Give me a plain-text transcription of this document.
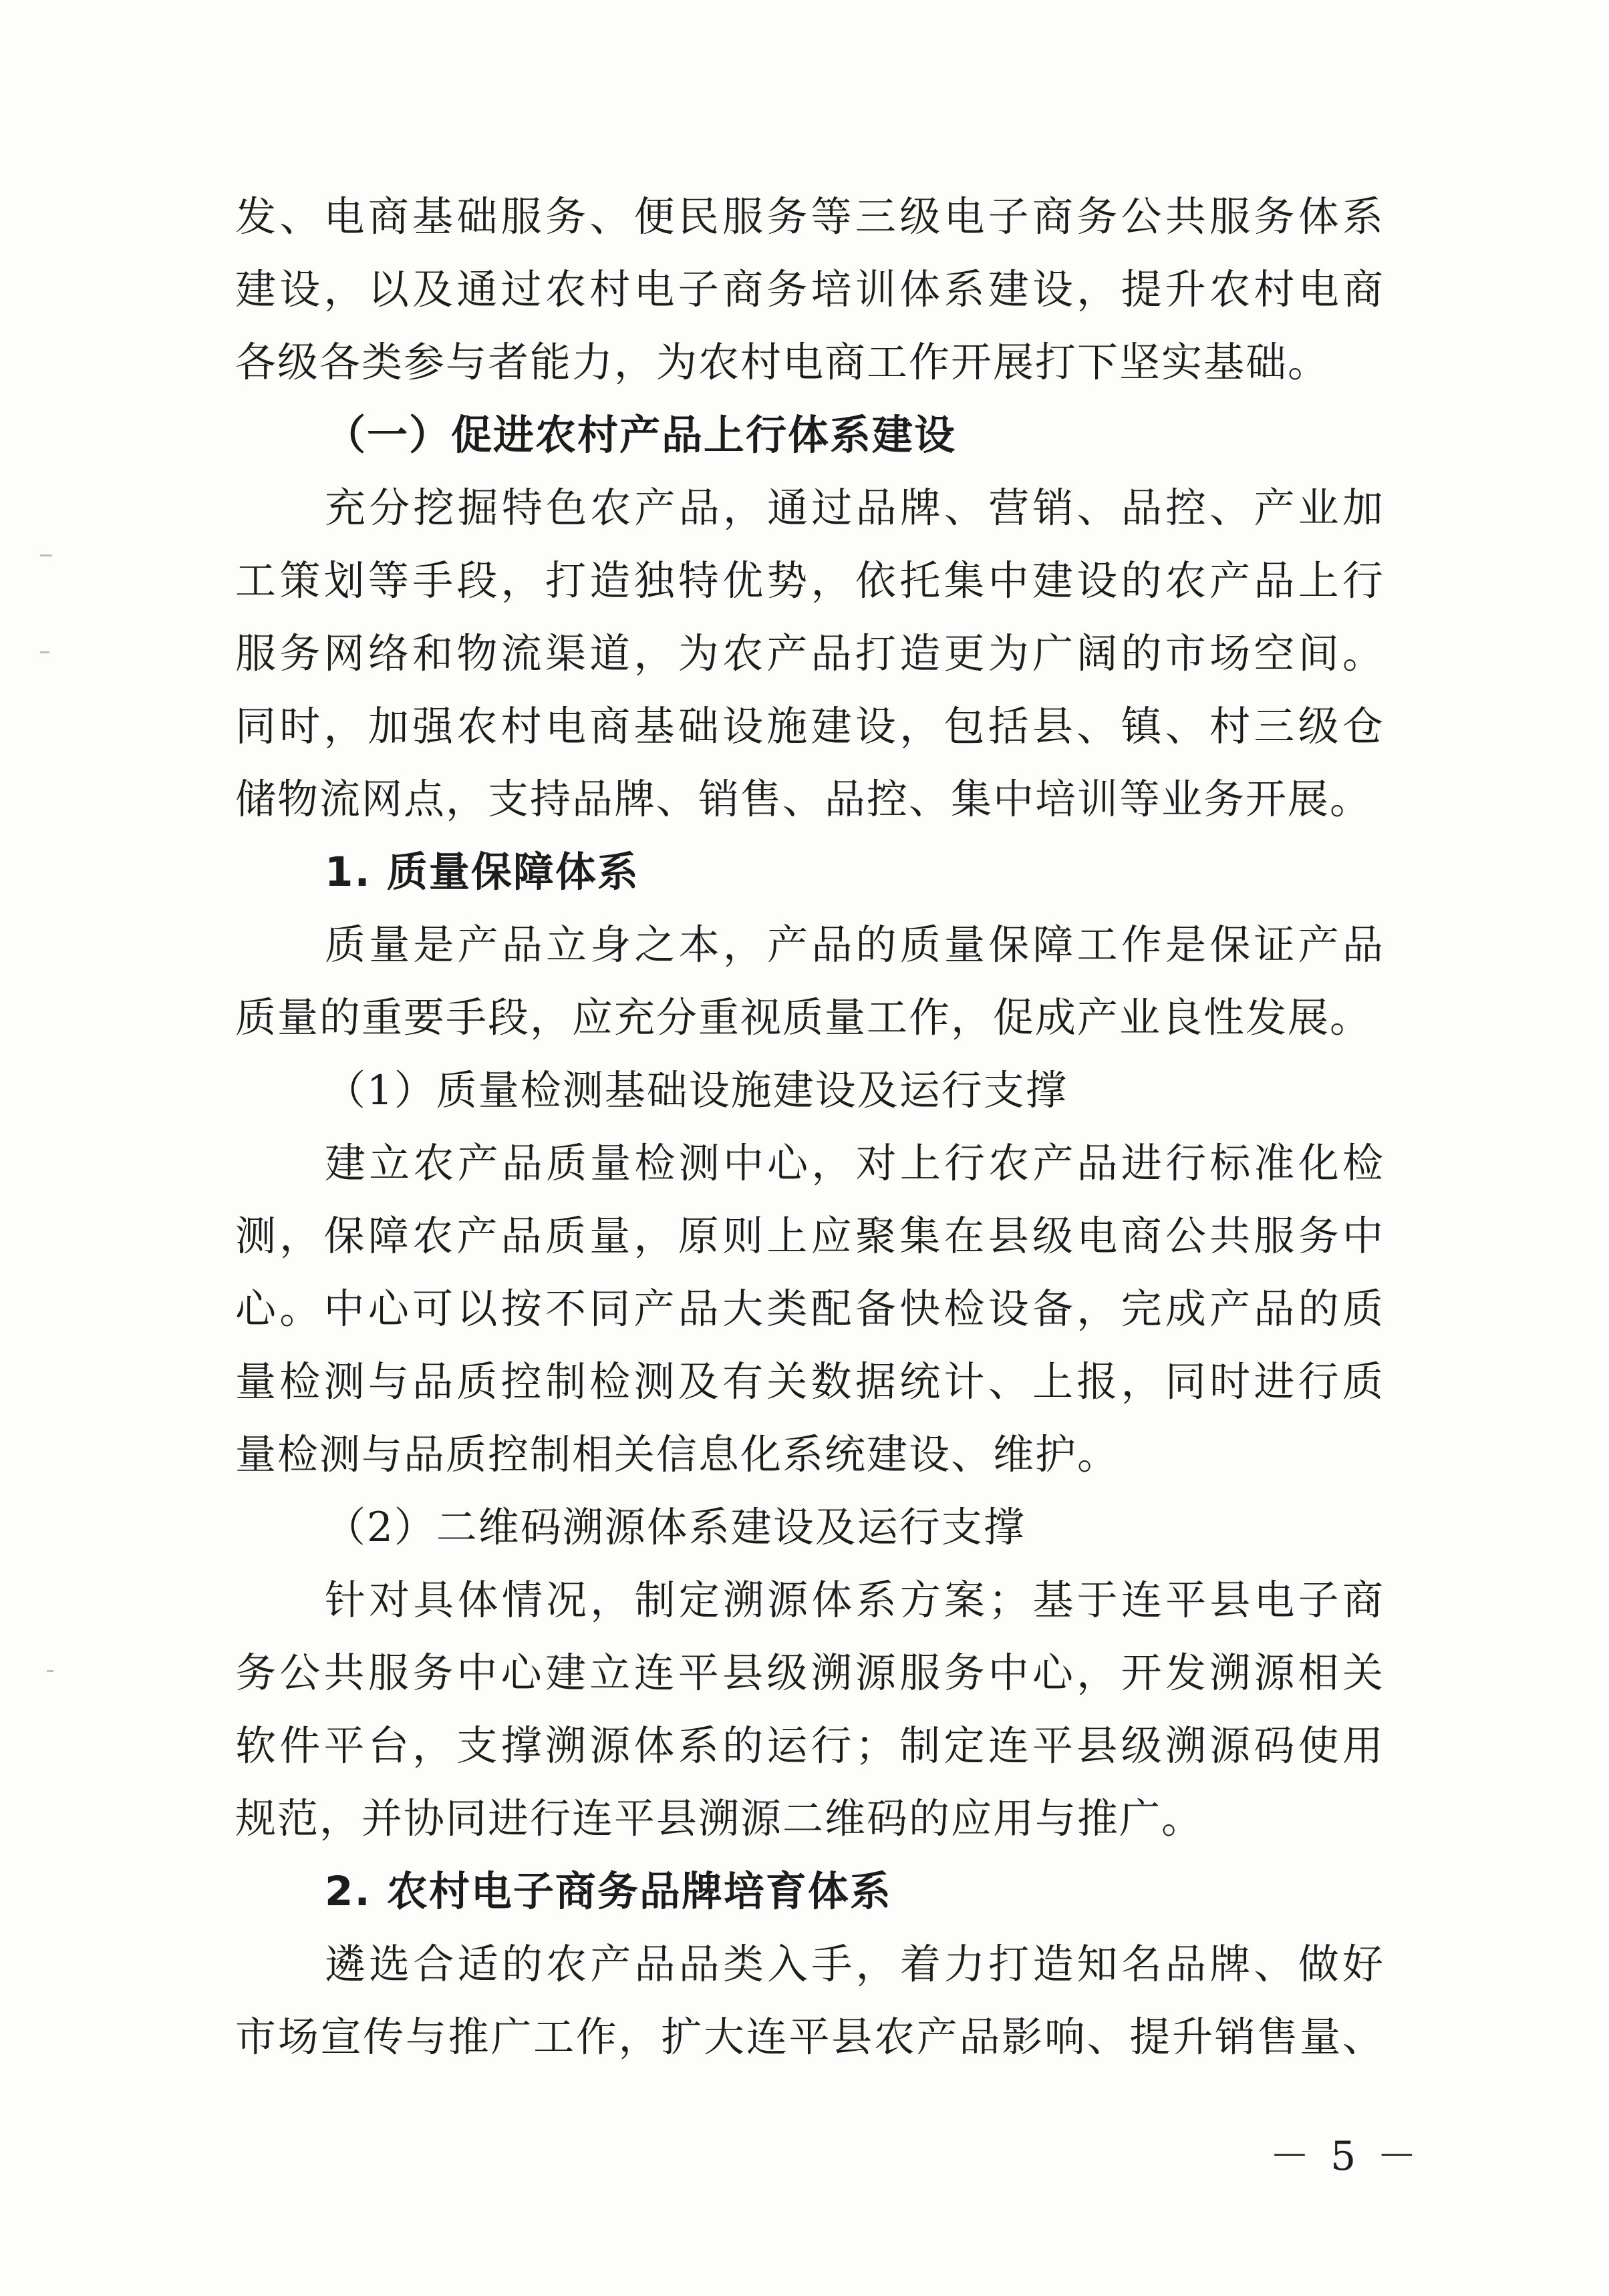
发、电商基础服务、便民服务等三级电子商务公共服务体系
建设，以及通过农村电子商务培训体系建设，提升农村电商
各级各类参与者能力，为农村电商工作开展打下坚实基础。
（一）促进农村产品上行体系建设
充分挖掘特色农产品，通过品牌、营销、品控、产业加
工策划等手段，打造独特优势，依托集中建设的农产品上行
服务网络和物流渠道，为农产品打造更为广阔的市场空间。
同时，加强农村电商基础设施建设，包括县、镇、村三级仓
储物流网点，支持品牌、销售、品控、集中培训等业务开展。
1. 质量保障体系
质量是产品立身之本，产品的质量保障工作是保证产品
质量的重要手段，应充分重视质量工作，促成产业良性发展。
（1）质量检测基础设施建设及运行支撑
建立农产品质量检测中心，对上行农产品进行标准化检
测，保障农产品质量，原则上应聚集在县级电商公共服务中
心。中心可以按不同产品大类配备快检设备，完成产品的质
量检测与品质控制检测及有关数据统计、上报，同时进行质
量检测与品质控制相关信息化系统建设、维护。
（2）二维码溯源体系建设及运行支撑
针对具体情况，制定溯源体系方案；基于连平县电子商
务公共服务中心建立连平县级溯源服务中心，开发溯源相关
软件平台，支撑溯源体系的运行；制定连平县级溯源码使用
规范，并协同进行连平县溯源二维码的应用与推广。
2. 农村电子商务品牌培育体系
遴选合适的农产品品类入手，着力打造知名品牌、做好
市场宣传与推广工作，扩大连平县农产品影响、提升销售量、
－ 5 －
